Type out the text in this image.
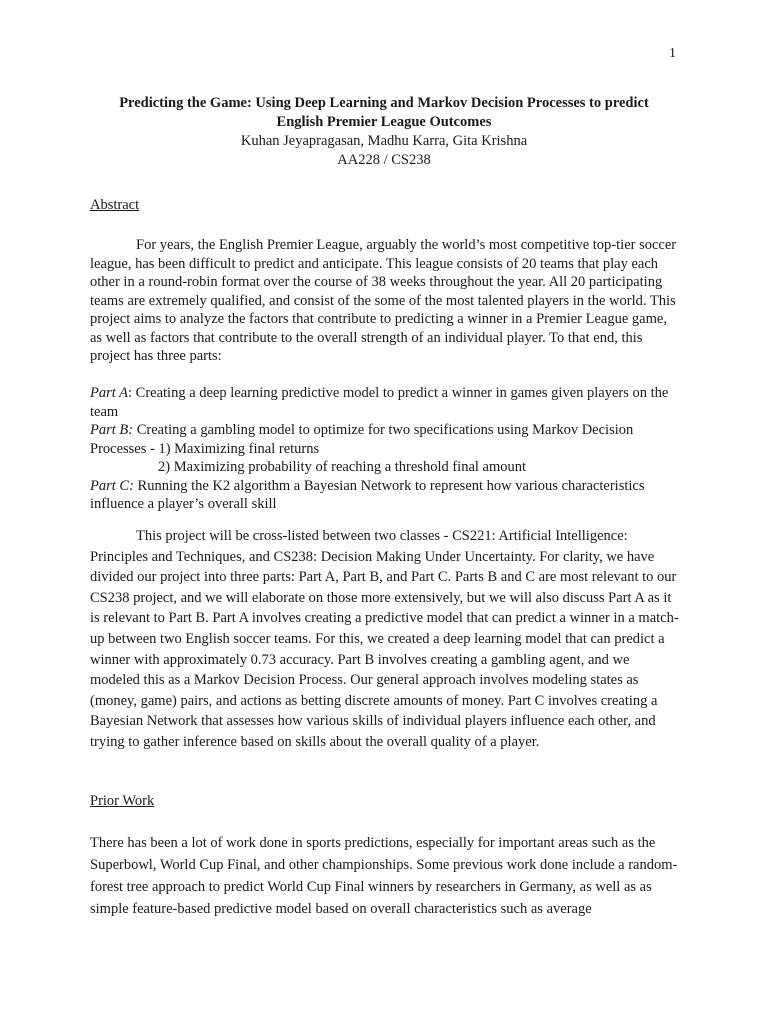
1
Predicting the Game: Using Deep Learning and Markov Decision Processes to predict
English Premier League Outcomes
Kuhan Jeyapragasan, Madhu Karra, Gita Krishna
AA228 / CS238
Abstract
For years, the English Premier League, arguably the world’s most competitive top-tier soccer league, has been difficult to predict and anticipate. This league consists of 20 teams that play each other in a round-robin format over the course of 38 weeks throughout the year. All 20 participating teams are extremely qualified, and consist of the some of the most talented players in the world. This project aims to analyze the factors that contribute to predicting a winner in a Premier League game, as well as factors that contribute to the overall strength of an individual player. To that end, this project has three parts:
Part A: Creating a deep learning predictive model to predict a winner in games given players on the team
Part B: Creating a gambling model to optimize for two specifications using Markov Decision Processes - 1) Maximizing final returns
2) Maximizing probability of reaching a threshold final amount
Part C: Running the K2 algorithm a Bayesian Network to represent how various characteristics influence a player’s overall skill
This project will be cross-listed between two classes - CS221: Artificial Intelligence: Principles and Techniques, and CS238: Decision Making Under Uncertainty. For clarity, we have divided our project into three parts: Part A, Part B, and Part C. Parts B and C are most relevant to our CS238 project, and we will elaborate on those more extensively, but we will also discuss Part A as it is relevant to Part B. Part A involves creating a predictive model that can predict a winner in a match-up between two English soccer teams. For this, we created a deep learning model that can predict a winner with approximately 0.73 accuracy. Part B involves creating a gambling agent, and we modeled this as a Markov Decision Process. Our general approach involves modeling states as (money, game) pairs, and actions as betting discrete amounts of money. Part C involves creating a Bayesian Network that assesses how various skills of individual players influence each other, and trying to gather inference based on skills about the overall quality of a player.
Prior Work
There has been a lot of work done in sports predictions, especially for important areas such as the Superbowl, World Cup Final, and other championships. Some previous work done include a random-forest tree approach to predict World Cup Final winners by researchers in Germany, as well as as simple feature-based predictive model based on overall characteristics such as average
